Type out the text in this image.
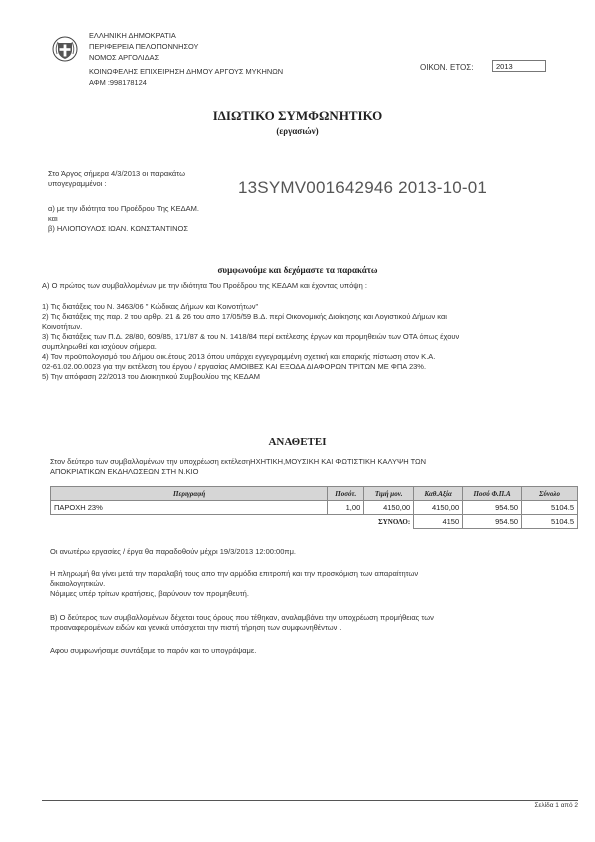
ΕΛΛΗΝΙΚΗ ΔΗΜΟΚΡΑΤΙΑ
ΠΕΡΙΦΕΡΕΙΑ ΠΕΛΟΠΟΝΝΗΣΟΥ
ΝΟΜΟΣ ΑΡΓΟΛΙΔΑΣ
ΚΟΙΝΩΦΕΛΗΣ ΕΠΙΧΕΙΡΗΣΗ ΔΗΜΟΥ ΑΡΓΟΥΣ ΜΥΚΗΝΩΝ
ΑΦΜ :998178124
ΟΙΚΟΝ. ΕΤΟΣ:	2013
ΙΔΙΩΤΙΚΟ ΣΥΜΦΩΝΗΤΙΚΟ
(εργασιών)
Στο Άργος σήμερα 4/3/2013 οι παρακάτω
υπογεγραμμένοι :	13SYMV001642946 2013-10-01
α) με την ιδιότητα του Προέδρου Της ΚΕΔΑΜ.
και
β) ΗΛΙΟΠΟΥΛΟΣ ΙΩΑΝ. ΚΩΝΣΤΑΝΤΙΝΟΣ
συμφωνούμε και δεχόμαστε τα παρακάτω
Α) Ο πρώτος των συμβαλλομένων με την ιδιότητα Του Προέδρου της ΚΕΔΑΜ και έχοντας υπόψη :
1) Τις διατάξεις του Ν. 3463/06 " Κώδικας Δήμων και Κοινοτήτων"
2) Τις διατάξεις της παρ. 2 του αρθρ. 21 & 26 του απο 17/05/59 Β.Δ. περί Οικονομικής Διοίκησης και Λογιστικού Δήμων και
Κοινοτήτων.
3) Τις διατάξεις των Π.Δ. 28/80, 609/85, 171/87 & του Ν. 1418/84 περί εκτέλεσης έργων και προμηθειών των ΟΤΑ όπως έχουν
συμπληρωθεί και ισχύουν σήμερα.
4) Τον προϋπολογισμό του Δήμου οικ.έτους 2013 όπου υπάρχει εγγεγραμμένη σχετική και επαρκής πίστωση στον Κ.Α.
02-61.02.00.0023 για την εκτέλεση του έργου / εργασίας ΑΜΟΙΒΕΣ ΚΑΙ ΕΞΟΔΑ ΔΙΑΦΟΡΩΝ ΤΡΙΤΩΝ ΜΕ ΦΠΑ 23%.
5) Την απόφαση 22/2013 του Διοικητικού Συμβουλίου της ΚΕΔΑΜ
ΑΝΑΘΕΤΕΙ
Στον δεύτερο των συμβαλλομένων την υποχρέωση εκτέλεσηΗΧΗΤΙΚΗ,ΜΟΥΣΙΚΗ ΚΑΙ ΦΩΤΙΣΤΙΚΗ ΚΑΛΥΨΗ ΤΩΝ
ΑΠΟΚΡΙΑΤΙΚΩΝ ΕΚΔΗΛΩΣΕΩΝ ΣΤΗ Ν.ΚΙΟ
Περιγραφή	Ποσότ.	Τιμή μον.	Καθ.Αξία	Ποσό Φ.Π.Α	Σύνολο
ΠΑΡΟΧΗ 23%	1,00	4150,00	4150,00	954.50	5104.5
ΣΥΝΟΛΟ:			4150	954.50	5104.5
Οι ανωτέρω εργασίες / έργα θα παραδοθούν μέχρι 19/3/2013 12:00:00πμ.
Η πληρωμή θα γίνει μετά την παραλαβή τους απο την αρμόδια επιτροπή και την προσκόμιση των απαραίτητων
δικαιολογητικών.
Νόμιμες υπέρ τρίτων κρατήσεις, βαρύνουν τον προμηθευτή.
Β) Ο δεύτερος των συμβαλλομένων δέχεται τους όρους που τέθηκαν, αναλαμβάνει την υποχρέωση προμήθειας των
προαναφερομένων ειδών και γενικά υπόσχεται την πιστή τήρηση των συμφωνηθέντων .
Αφου συμφωνήσαμε συντάξαμε το παρόν και το υπογράψαμε.
Σελίδα 1 από 2
